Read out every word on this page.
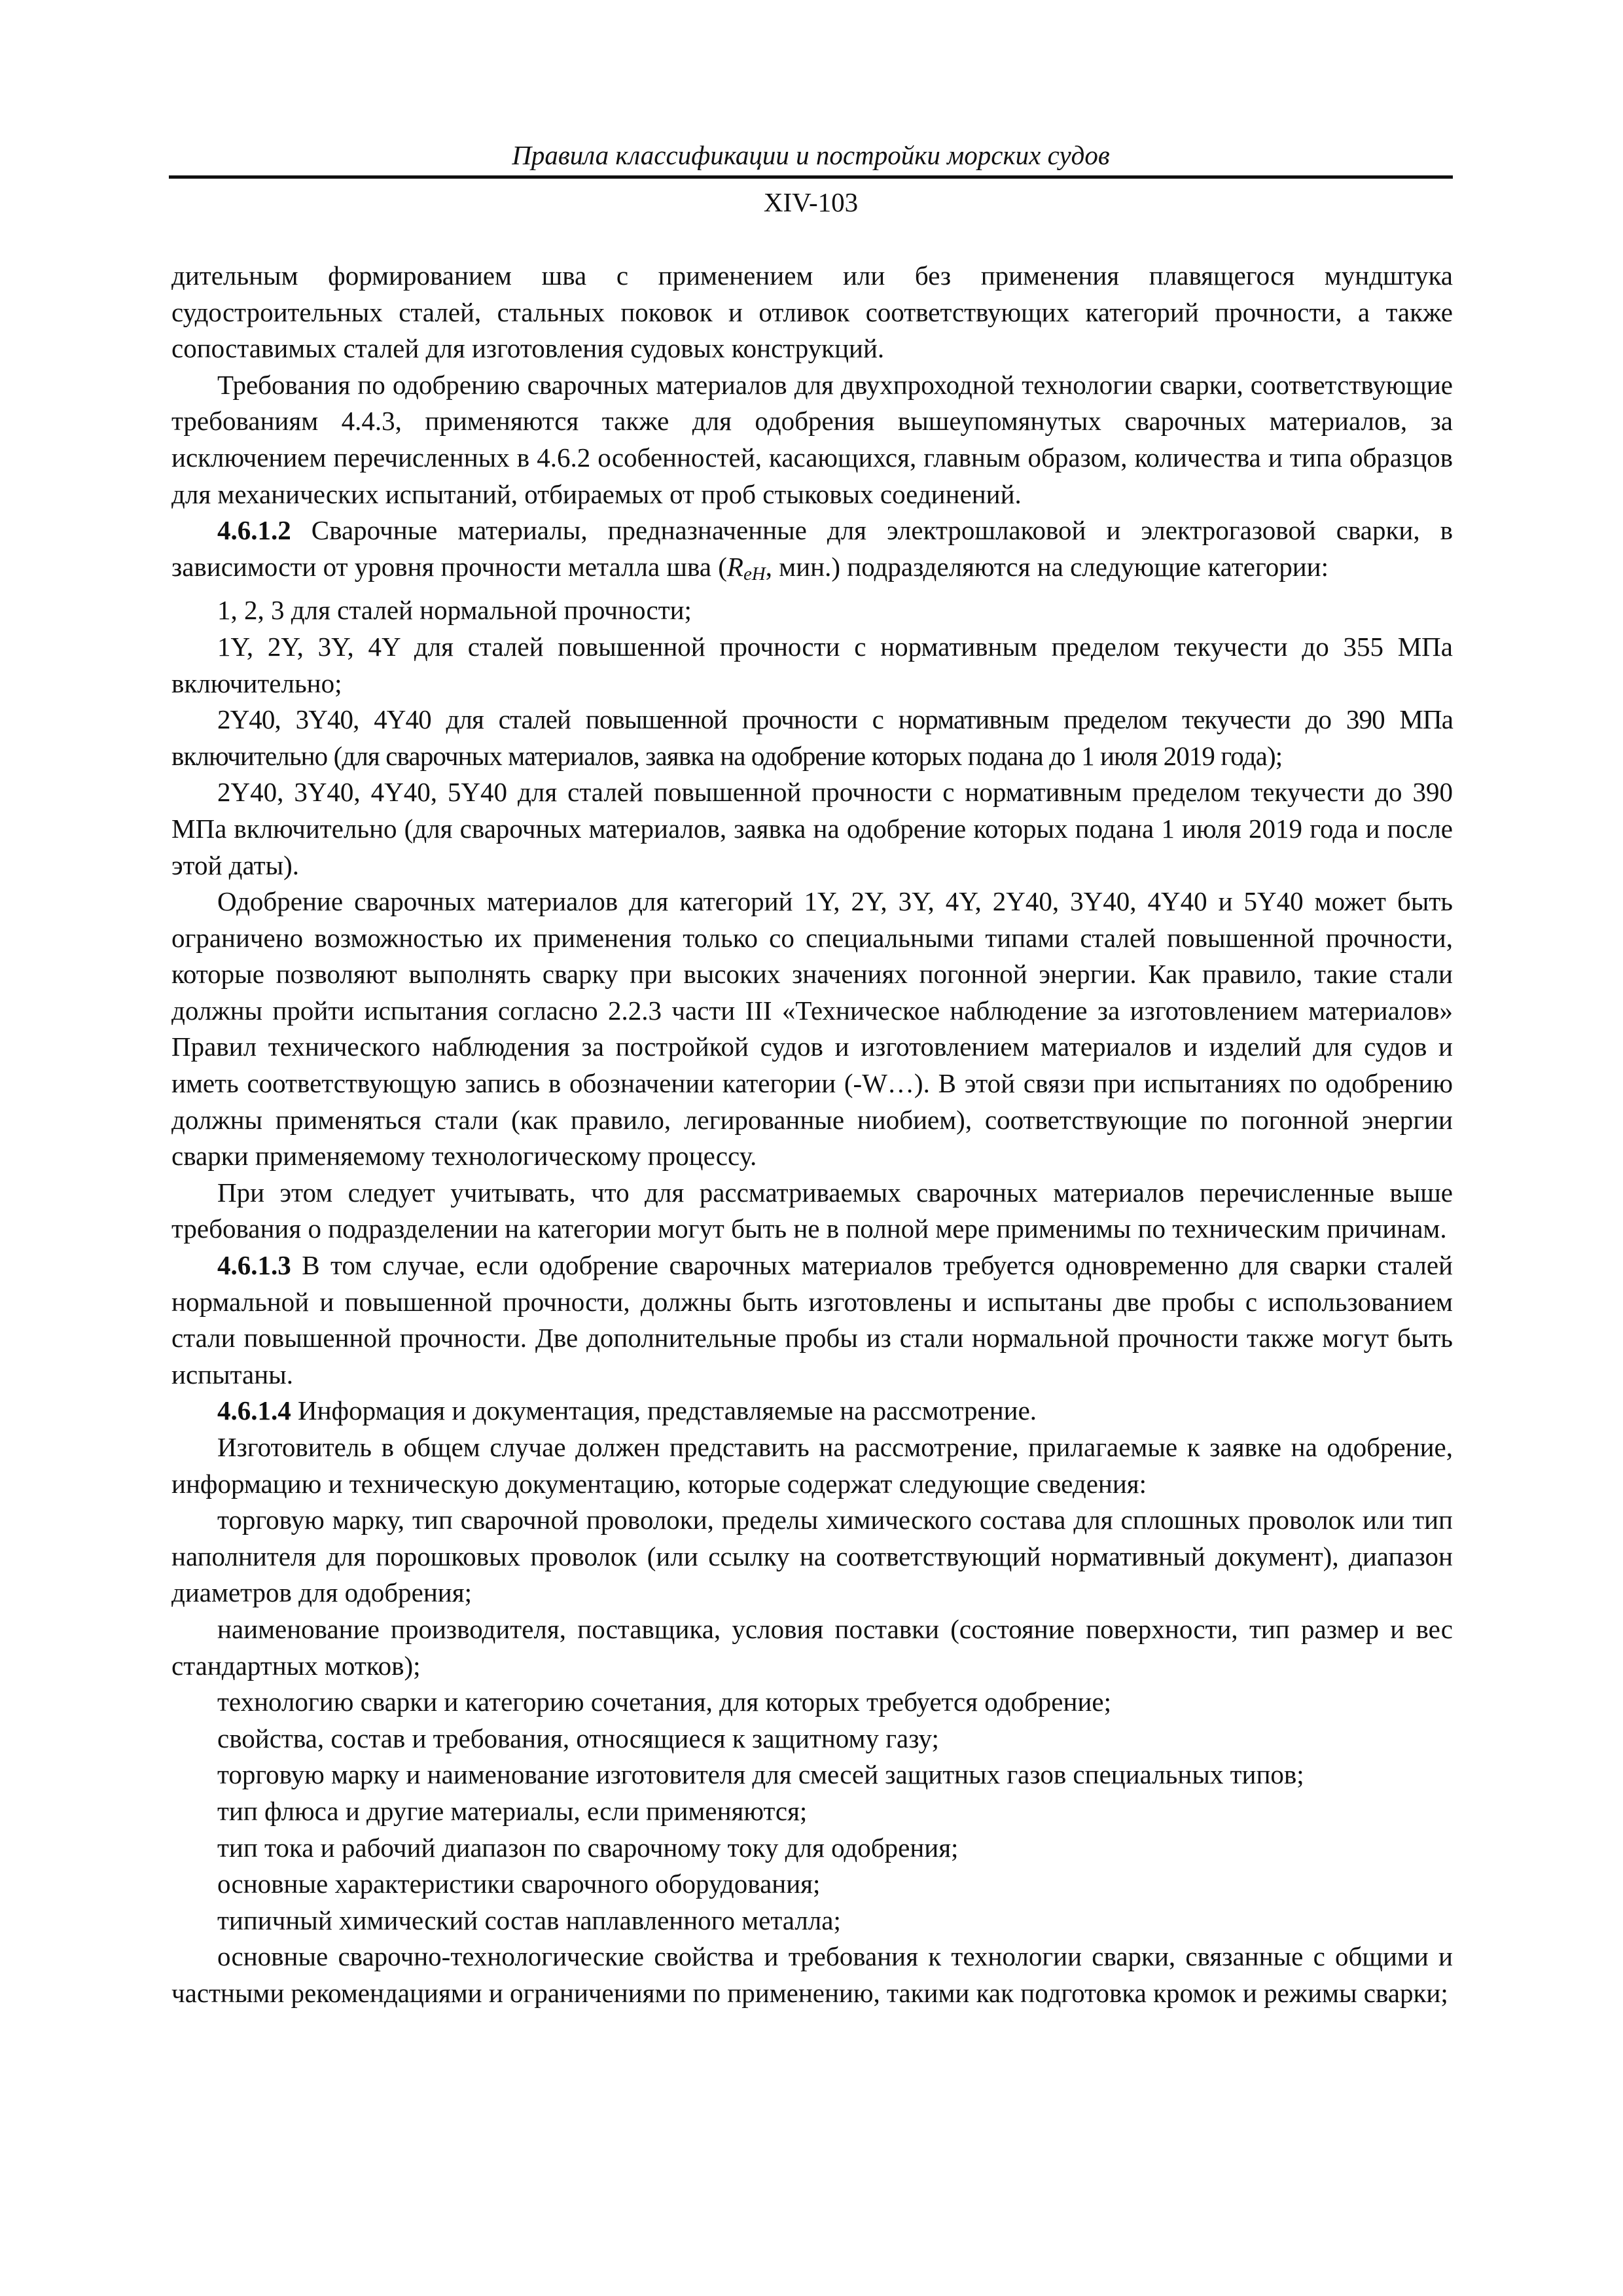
Правила классификации и постройки морских судов
XIV-103

дительным формированием шва с применением или без применения плавящегося мундштука судостроительных сталей, стальных поковок и отливок соответствующих категорий прочности, а также сопоставимых сталей для изготовления судовых конструкций.

Требования по одобрению сварочных материалов для двухпроходной технологии сварки, соответствующие требованиям 4.4.3, применяются также для одобрения вышеупомянутых сварочных материалов, за исключением перечисленных в 4.6.2 особенностей, касающихся, главным образом, количества и типа образцов для механических испытаний, отбираемых от проб стыковых соединений.

4.6.1.2 Сварочные материалы, предназначенные для электрошлаковой и электрогазовой сварки, в зависимости от уровня прочности металла шва (ReH, мин.) подразделяются на следующие категории:

1, 2, 3 для сталей нормальной прочности;

1Y, 2Y, 3Y, 4Y для сталей повышенной прочности с нормативным пределом текучести до 355 МПа включительно;

2Y40, 3Y40, 4Y40 для сталей повышенной прочности с нормативным пределом текучести до 390 МПа включительно (для сварочных материалов, заявка на одобрение которых подана до 1 июля 2019 года);

2Y40, 3Y40, 4Y40, 5Y40 для сталей повышенной прочности с нормативным пределом текучести до 390 МПа включительно (для сварочных материалов, заявка на одобрение которых подана 1 июля 2019 года и после этой даты).

Одобрение сварочных материалов для категорий 1Y, 2Y, 3Y, 4Y, 2Y40, 3Y40, 4Y40 и 5Y40 может быть ограничено возможностью их применения только со специальными типами сталей повышенной прочности, которые позволяют выполнять сварку при высоких значениях погонной энергии. Как правило, такие стали должны пройти испытания согласно 2.2.3 части III «Техническое наблюдение за изготовлением материалов» Правил технического наблюдения за постройкой судов и изготовлением материалов и изделий для судов и иметь соответствующую запись в обозначении категории (-W…). В этой связи при испытаниях по одобрению должны применяться стали (как правило, легированные ниобием), соответствующие по погонной энергии сварки применяемому технологическому процессу.

При этом следует учитывать, что для рассматриваемых сварочных материалов перечисленные выше требования о подразделении на категории могут быть не в полной мере применимы по техническим причинам.

4.6.1.3 В том случае, если одобрение сварочных материалов требуется одновременно для сварки сталей нормальной и повышенной прочности, должны быть изготовлены и испытаны две пробы с использованием стали повышенной прочности. Две дополнительные пробы из стали нормальной прочности также могут быть испытаны.

4.6.1.4 Информация и документация, представляемые на рассмотрение.

Изготовитель в общем случае должен представить на рассмотрение, прилагаемые к заявке на одобрение, информацию и техническую документацию, которые содержат следующие сведения:

торговую марку, тип сварочной проволоки, пределы химического состава для сплошных проволок или тип наполнителя для порошковых проволок (или ссылку на соответствующий нормативный документ), диапазон диаметров для одобрения;

наименование производителя, поставщика, условия поставки (состояние поверхности, тип размер и вес стандартных мотков);

технологию сварки и категорию сочетания, для которых требуется одобрение;

свойства, состав и требования, относящиеся к защитному газу;

торговую марку и наименование изготовителя для смесей защитных газов специальных типов;

тип флюса и другие материалы, если применяются;

тип тока и рабочий диапазон по сварочному току для одобрения;

основные характеристики сварочного оборудования;

типичный химический состав наплавленного металла;

основные сварочно-технологические свойства и требования к технологии сварки, связанные с общими и частными рекомендациями и ограничениями по применению, такими как подготовка кромок и режимы сварки;
